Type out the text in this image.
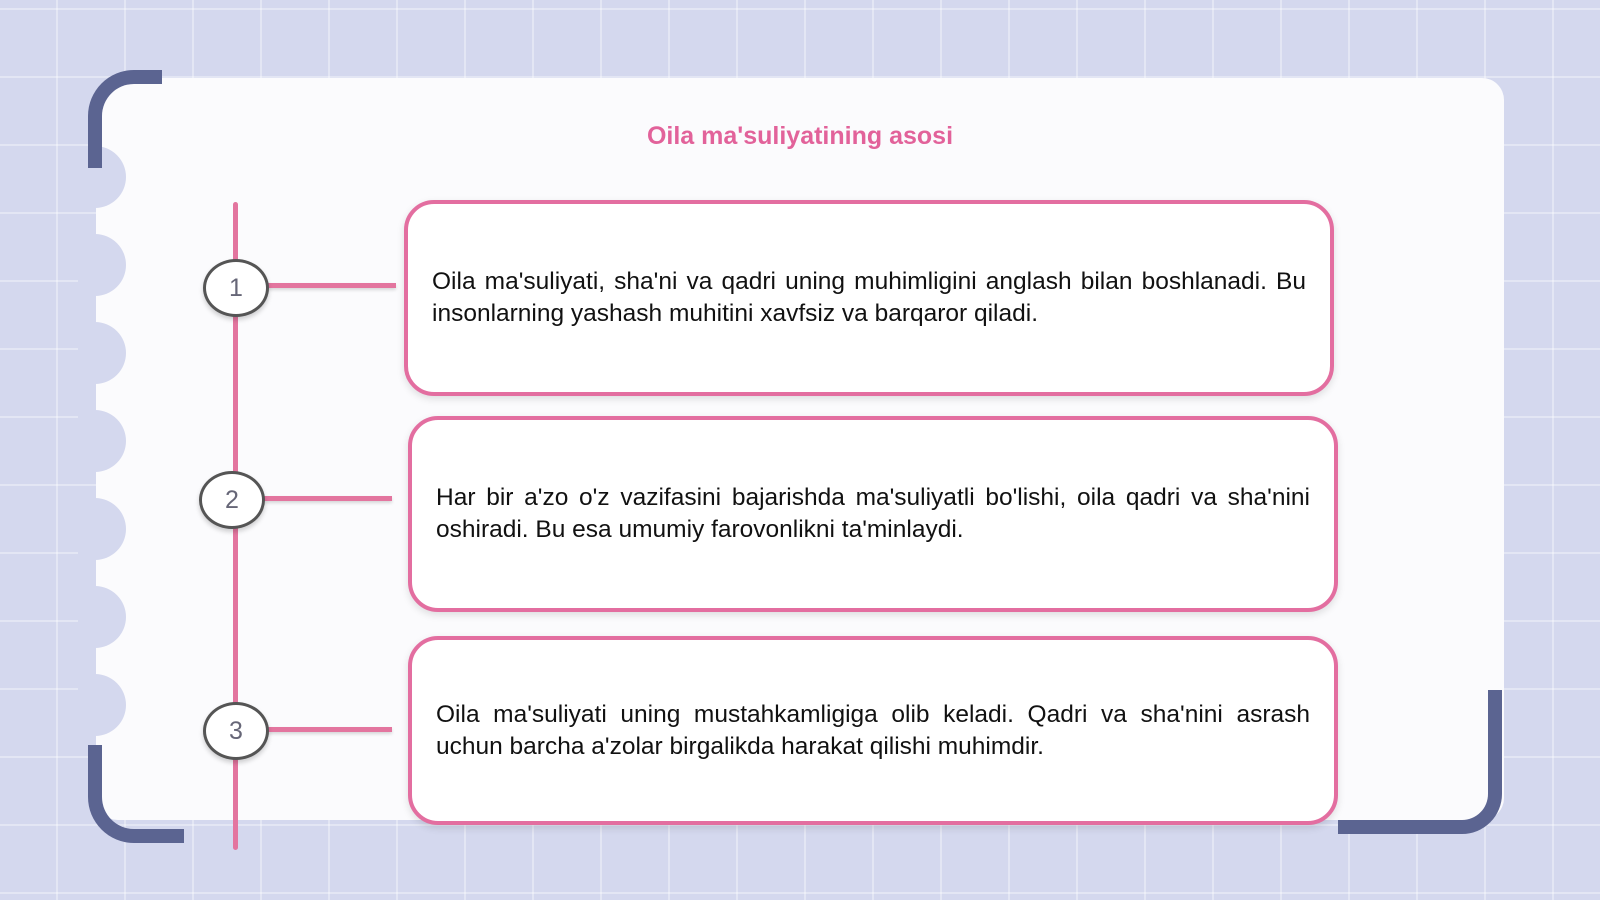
Oila ma'suliyatining asosi
1
2
3

Oila ma'suliyati, sha'ni va qadri uning muhimligini anglash bilan boshlanadi. Bu insonlarning yashash muhitini xavfsiz va barqaror qiladi.

Har bir a'zo o'z vazifasini bajarishda ma'suliyatli bo'lishi, oila qadri va sha'nini oshiradi. Bu esa umumiy farovonlikni ta'minlaydi.

Oila ma'suliyati uning mustahkamligiga olib keladi. Qadri va sha'nini asrash uchun barcha a'zolar birgalikda harakat qilishi muhimdir.
